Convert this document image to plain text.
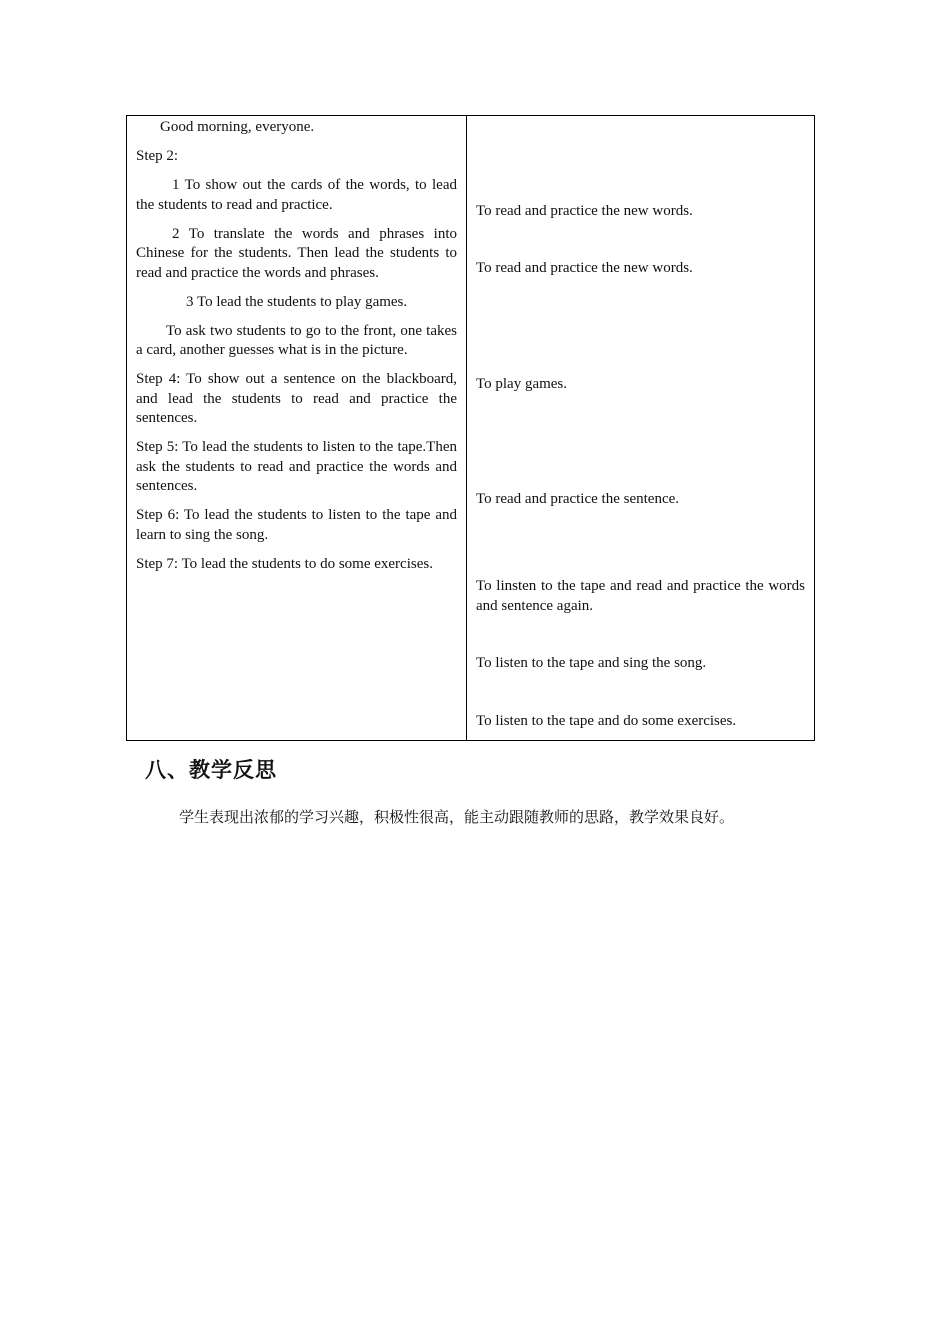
Good morning, everyone.

Step 2:

1 To show out the cards of the words, to lead the students to read and practice.

2 To translate the words and phrases into Chinese for the students. Then lead the students to read and practice the words and phrases.

3 To lead the students to play games.

To ask two students to go to the front, one takes a card, another guesses what is in the picture.

Step 4: To show out a sentence on the blackboard, and lead the students to read and practice the sentences.

Step 5: To lead the students to listen to the tape.Then ask the students to read and practice the words and sentences.

Step 6: To lead the students to listen to the tape and learn to sing the song.

Step 7: To lead the students to do some exercises.

To read and practice the new words.

To read and practice the new words.

To play games.

To read and practice the sentence.

To linsten to the tape and read and practice the words and sentence again.

To listen to the tape and sing the song.

To listen to the tape and do some exercises.

八、教学反思
学生表现出浓郁的学习兴趣，积极性很高，能主动跟随教师的思路，教学效果良好。
